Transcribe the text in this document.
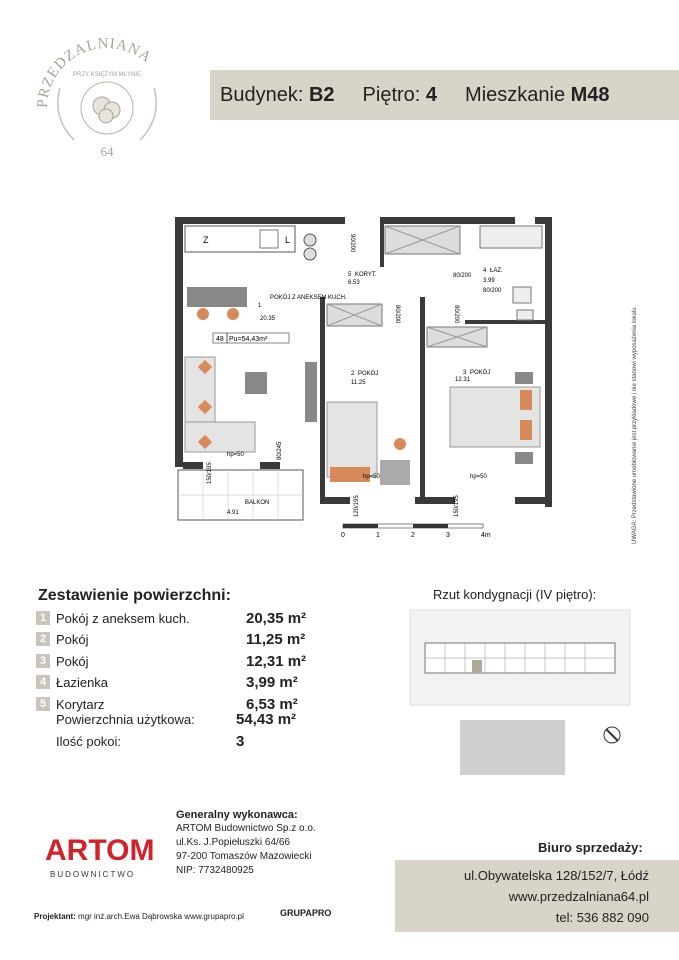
PRZEDZALNIANA
PRZY KSIĘŻYM MŁYNIE
64
Budynek: B2 Piętro: 4 Mieszkanie M48
Z	L
POKÓJ Z ANEKSEM KUCH.
1
20.35
POKÓJ
2
11.25
POKÓJ
3
12.31
ŁAZ.
4
3.99
KORYT.
5
6.53
48 Pu=54,43m²
90/200
80/200	80/200
80/200
80/200
80/245
hp=50
hp=50	hp=50
150/195
120/195	150/195
BALKON
4.91
0	1	2	3	4m	UWAGA: Przedstawione umeblowanie jest przykładowe i nie stanowi wyposażenia lokalu
Zestawienie powierzchni:
1 Pokój z aneksem kuch.	20,35 m²
2 Pokój	11,25 m²
3 Pokój	12,31 m²
4 Łazienka	3,99 m²
5 Korytarz	6,53 m²
Powierzchnia użytkowa:	54,43 m²
Ilość pokoi:	3
Rzut kondygnacji (IV piętro):
ARTOM
BUDOWNICTWO
Generalny wykonawca:
ARTOM Budownictwo Sp.z o.o.
ul.Ks. J.Popiełuszki 64/66
97-200 Tomaszów Mazowiecki
NIP: 7732480925
Biuro sprzedaży:
ul.Obywatelska 128/152/7, Łódź
www.przedzalniana64.pl
tel: 536 882 090
Projektant: mgr inż.arch.Ewa Dąbrowska www.grupapro.pl	GRUPAPRO
